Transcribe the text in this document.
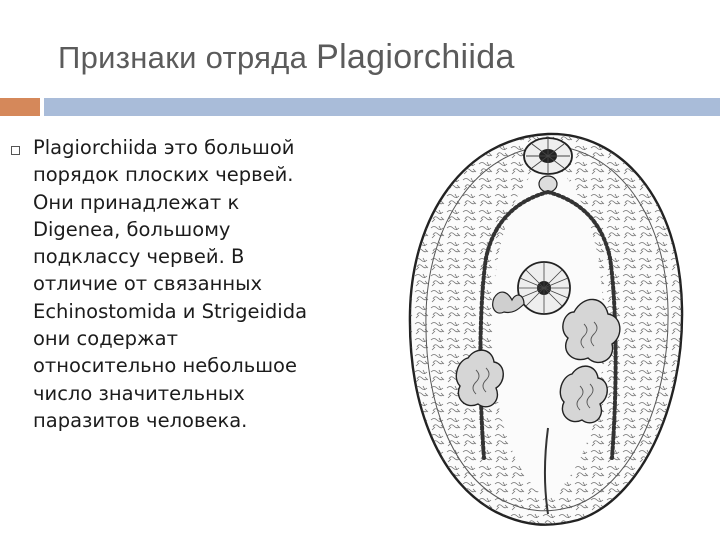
Признаки отряда Plagiorchiida
Plagiorchiida это большой
порядок плоских червей.
Они принадлежат к
Digenea, большому
подклассу червей. В
отличие от связанных
Echinostomida и Strigeidida
они содержат
относительно небольшое
число значительных
паразитов человека.
